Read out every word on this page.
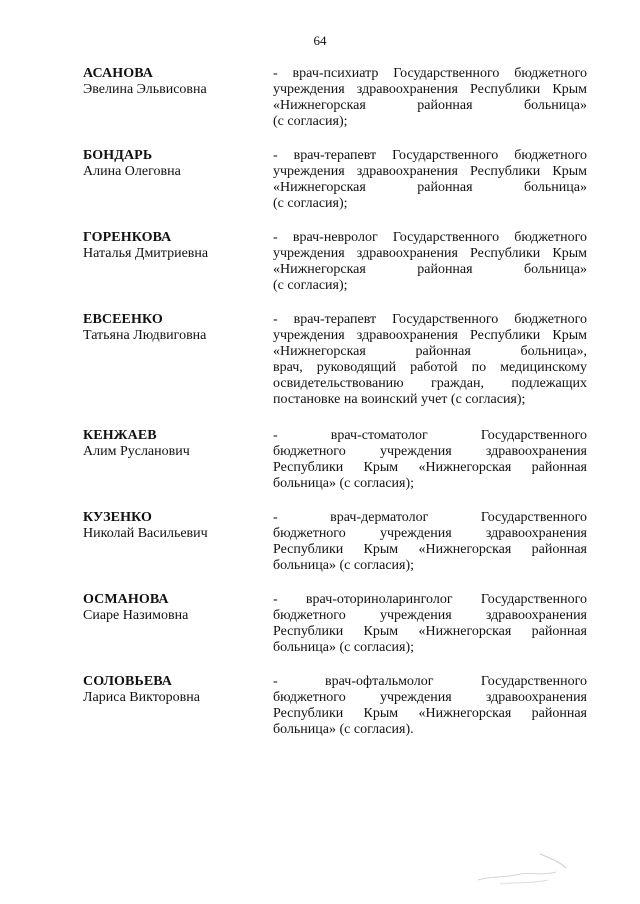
64
АСАНОВА
Эвелина Эльвисовна
- врач-психиатр Государственного бюджетного
учреждения здравоохранения Республики Крым
«Нижнегорская районная больница»
(с согласия);
БОНДАРЬ
Алина Олеговна
- врач-терапевт Государственного бюджетного
учреждения здравоохранения Республики Крым
«Нижнегорская районная больница»
(с согласия);
ГОРЕНКОВА
Наталья Дмитриевна
- врач-невролог Государственного бюджетного
учреждения здравоохранения Республики Крым
«Нижнегорская районная больница»
(с согласия);
ЕВСЕЕНКО
Татьяна Людвиговна
- врач-терапевт Государственного бюджетного
учреждения здравоохранения Республики Крым
«Нижнегорская районная больница»,
врач, руководящий работой по медицинскому
освидетельствованию граждан, подлежащих
постановке на воинский учет (с согласия);
КЕНЖАЕВ
Алим Русланович
- врач-стоматолог Государственного
бюджетного учреждения здравоохранения
Республики Крым «Нижнегорская районная
больница» (с согласия);
КУЗЕНКО
Николай Васильевич
- врач-дерматолог Государственного
бюджетного учреждения здравоохранения
Республики Крым «Нижнегорская районная
больница» (с согласия);
ОСМАНОВА
Сиаре Назимовна
- врач-оториноларинголог Государственного
бюджетного учреждения здравоохранения
Республики Крым «Нижнегорская районная
больница» (с согласия);
СОЛОВЬЕВА
Лариса Викторовна
- врач-офтальмолог Государственного
бюджетного учреждения здравоохранения
Республики Крым «Нижнегорская районная
больница» (с согласия).
